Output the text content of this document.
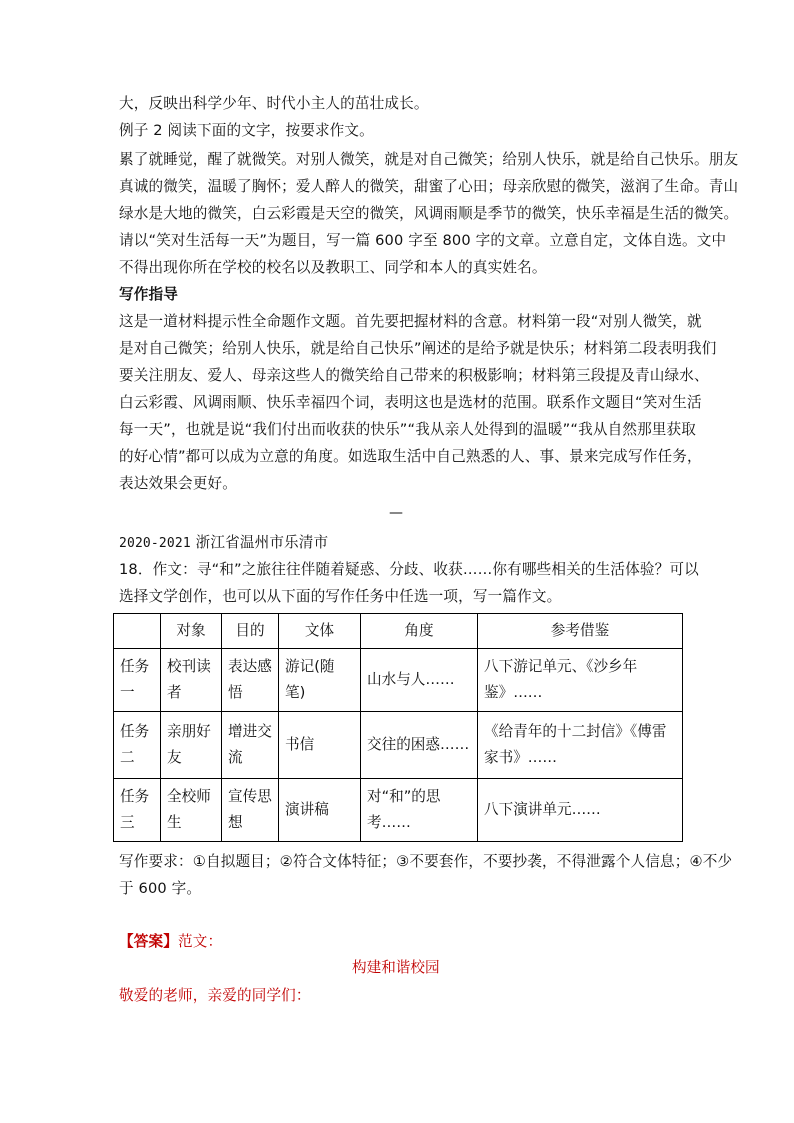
大，反映出科学少年、时代小主人的茁壮成长。
例子 2 阅读下面的文字，按要求作文。
累了就睡觉，醒了就微笑。对别人微笑，就是对自己微笑；给别人快乐，就是给自己快乐。朋友
真诚的微笑，温暖了胸怀；爱人醉人的微笑，甜蜜了心田；母亲欣慰的微笑，滋润了生命。青山
绿水是大地的微笑，白云彩霞是天空的微笑，风调雨顺是季节的微笑，快乐幸福是生活的微笑。
请以“笑对生活每一天”为题目，写一篇 600 字至 800 字的文章。立意自定，文体自选。文中
不得出现你所在学校的校名以及教职工、同学和本人的真实姓名。
写作指导
这是一道材料提示性全命题作文题。首先要把握材料的含意。材料第一段“对别人微笑，就
是对自己微笑；给别人快乐，就是给自己快乐”阐述的是给予就是快乐；材料第二段表明我们
要关注朋友、爱人、母亲这些人的微笑给自己带来的积极影响；材料第三段提及青山绿水、
白云彩霞、风调雨顺、快乐幸福四个词，表明这也是选材的范围。联系作文题目“笑对生活
每一天”，也就是说“我们付出而收获的快乐”“我从亲人处得到的温暖”“我从自然那里获取
的好心情”都可以成为立意的角度。如选取生活中自己熟悉的人、事、景来完成写作任务，
表达效果会更好。
—
2020-2021 浙江省温州市乐清市
18．作文：寻“和”之旅往往伴随着疑惑、分歧、收获……你有哪些相关的生活体验？可以
选择文学创作，也可以从下面的写作任务中任选一项，写一篇作文。
	对象	目的	文体	角度	参考借鉴
任务一	校刊读者	表达感悟	游记(随笔)	山水与人……	八下游记单元、《沙乡年鉴》……
任务二	亲朋好友	增进交流	书信	交往的困惑……	《给青年的十二封信》《傅雷家书》……
任务三	全校师生	宣传思想	演讲稿	对“和”的思考……	八下演讲单元……
写作要求：①自拟题目；②符合文体特征；③不要套作，不要抄袭，不得泄露个人信息；④不少
于 600 字。
【答案】范文：
构建和谐校园
敬爱的老师，亲爱的同学们：
